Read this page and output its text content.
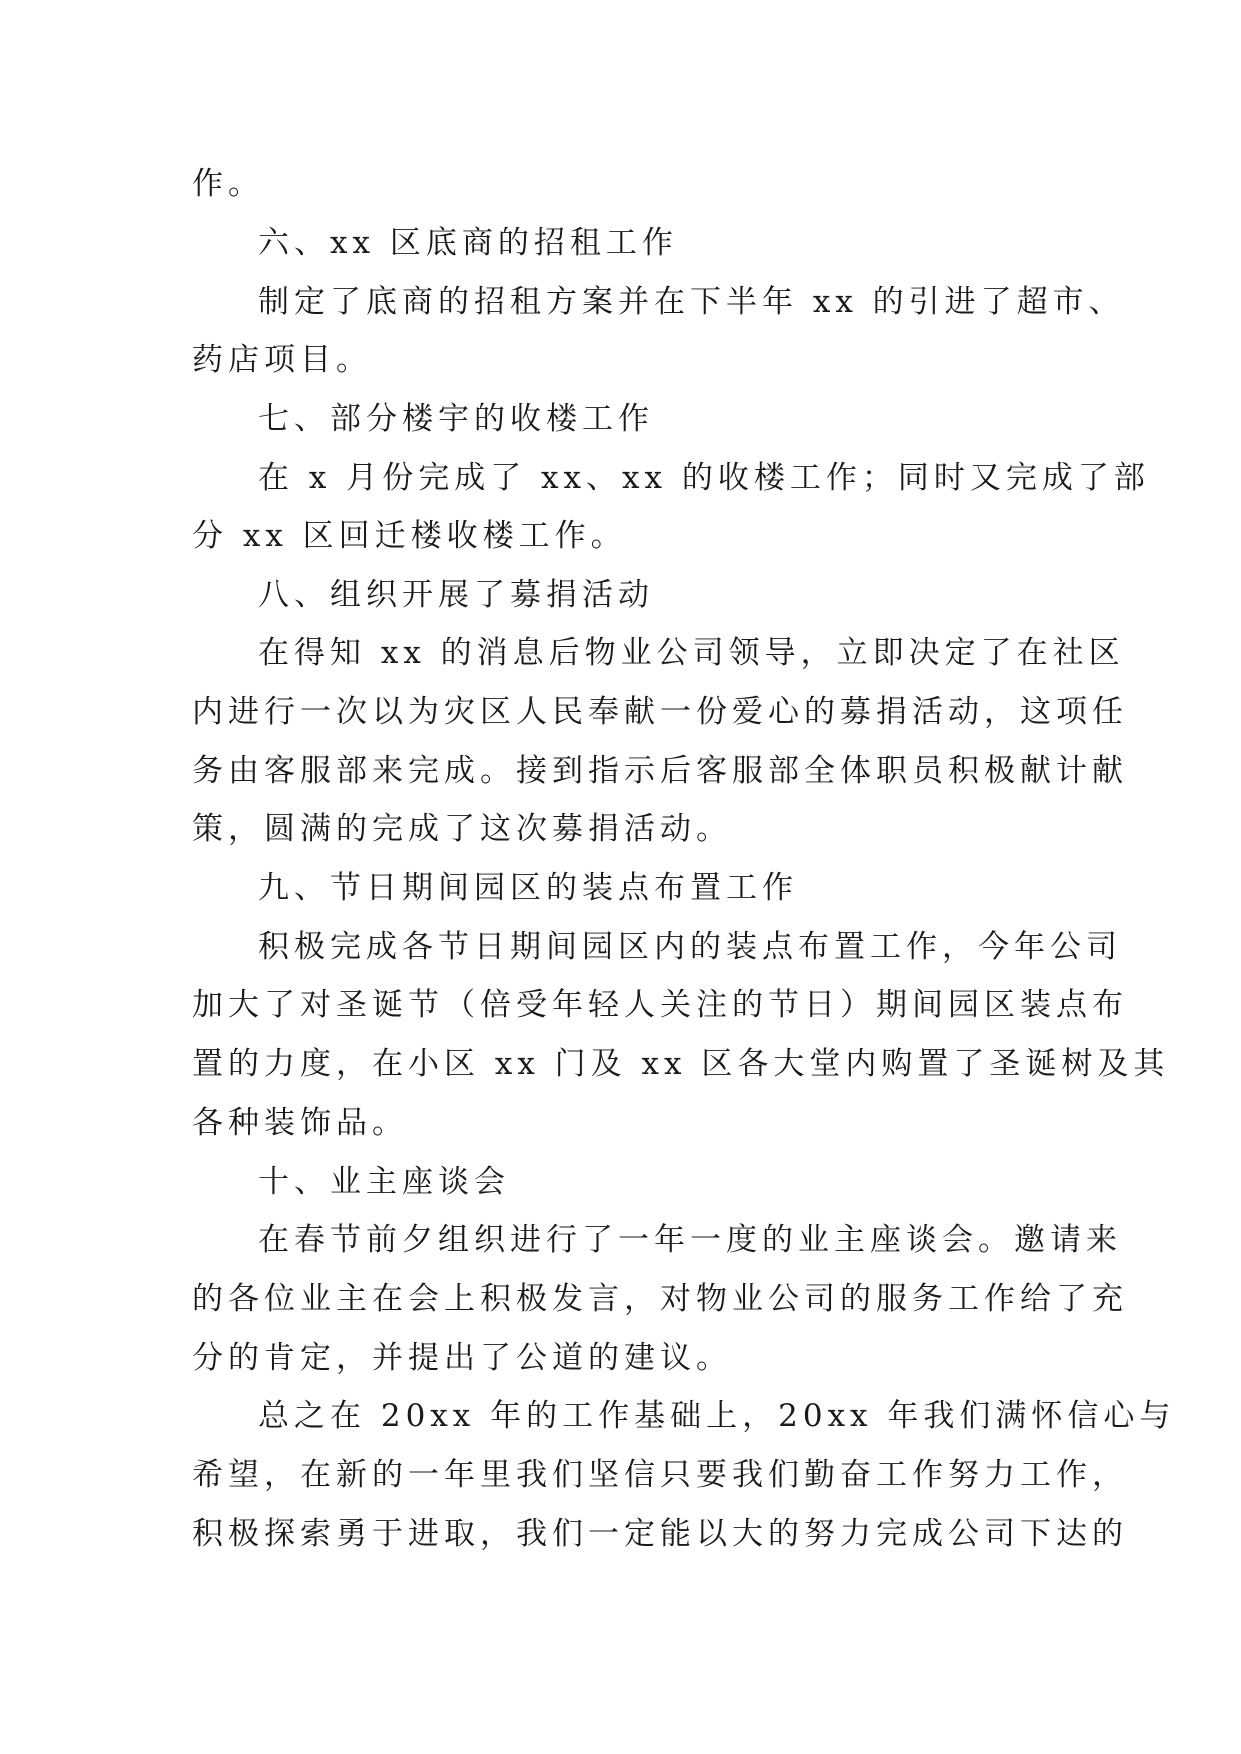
作。
六、xx 区底商的招租工作
制定了底商的招租方案并在下半年 xx 的引进了超市、
药店项目。
七、部分楼宇的收楼工作
在 x 月份完成了 xx、xx 的收楼工作；同时又完成了部
分 xx 区回迁楼收楼工作。
八、组织开展了募捐活动
在得知 xx 的消息后物业公司领导，立即决定了在社区
内进行一次以为灾区人民奉献一份爱心的募捐活动，这项任
务由客服部来完成。接到指示后客服部全体职员积极献计献
策，圆满的完成了这次募捐活动。
九、节日期间园区的装点布置工作
积极完成各节日期间园区内的装点布置工作，今年公司
加大了对圣诞节（倍受年轻人关注的节日）期间园区装点布
置的力度，在小区 xx 门及 xx 区各大堂内购置了圣诞树及其
各种装饰品。
十、业主座谈会
在春节前夕组织进行了一年一度的业主座谈会。邀请来
的各位业主在会上积极发言，对物业公司的服务工作给了充
分的肯定，并提出了公道的建议。
总之在 20xx 年的工作基础上，20xx 年我们满怀信心与
希望，在新的一年里我们坚信只要我们勤奋工作努力工作，
积极探索勇于进取，我们一定能以大的努力完成公司下达的
